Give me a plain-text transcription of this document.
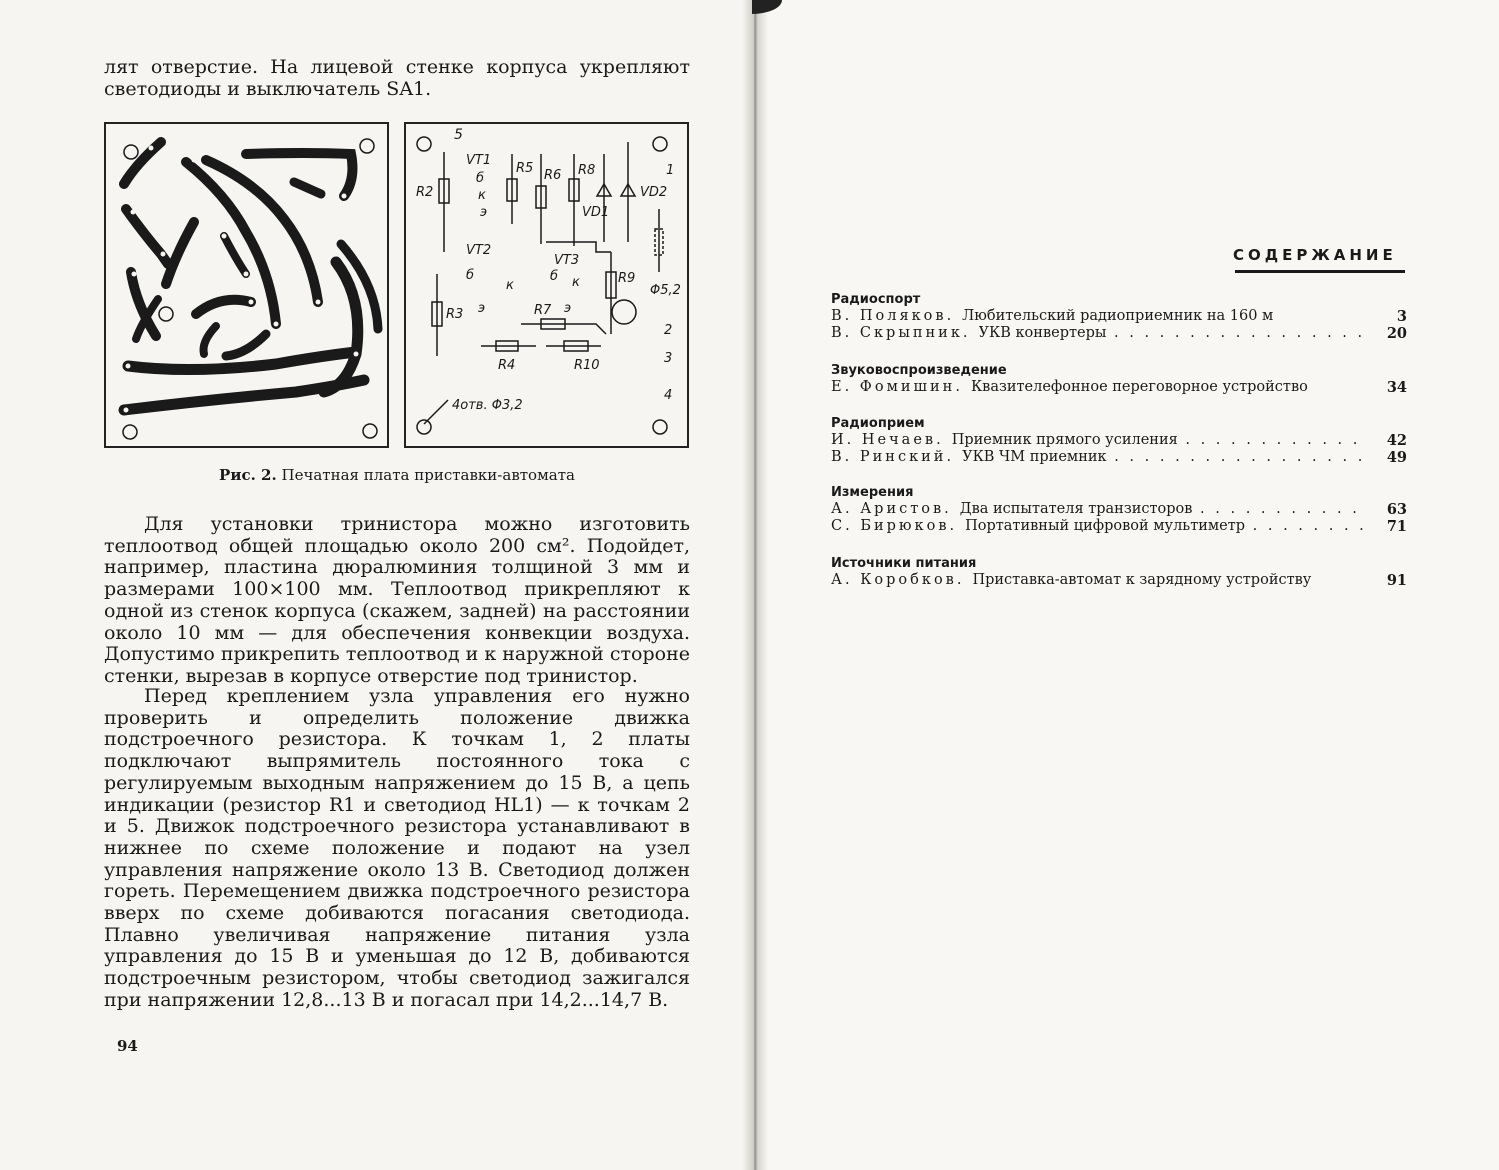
лят отверстие. На лицевой стенке корпуса укрепляют светодиоды и выключатель SA1.

5
VT1
R5 R6 R8	1
R2
б
к
э	VD1
VD2
VT2
VT3
б
к
б к	R9
Φ5,2
R3 э	R7 э
2
R4	R10	3
4
4отв. Φ3,2
Рис. 2. Печатная плата приставки-автомата

Для установки тринистора можно изготовить теплоотвод общей площадью около 200 см². Подойдет, например, пластина дюралюминия толщиной 3 мм и размерами 100×100 мм. Теплоотвод прикрепляют к одной из стенок корпуса (скажем, задней) на расстоянии около 10 мм — для обеспечения конвекции воздуха. Допустимо прикрепить теплоотвод и к наружной стороне стенки, вырезав в корпусе отверстие под тринистор.

Перед креплением узла управления его нужно проверить и определить положение движка подстроечного резистора. К точкам 1, 2 платы подключают выпрямитель постоянного тока с регулируемым выходным напряжением до 15 В, а цепь индикации (резистор R1 и светодиод HL1) — к точкам 2 и 5. Движок подстроечного резистора устанавливают в нижнее по схеме положение и подают на узел управления напряжение около 13 В. Светодиод должен гореть. Перемещением движка подстроечного резистора вверх по схеме добиваются погасания светодиода. Плавно увеличивая напряжение питания узла управления до 15 В и уменьшая до 12 В, добиваются подстроечным резистором, чтобы светодиод зажигался при напряжении 12,8...13 В и погасал при 14,2...14,7 В.

94
СОДЕРЖАНИЕ
Радиоспорт
В. Поляков. Любительский радиоприемник на 160 м	3
В. Скрыпник. УКВ конвертеры . . .	20
Звуковоспроизведение
Е. Фомишин. Квазителефонное переговорное устройство	34
Радиоприем
И. Нечаев. Приемник прямого усиления . . .	42
В. Ринский. УКВ ЧМ приемник . . .	49
Измерения
А. Аристов. Два испытателя транзисторов . . .	63
С. Бирюков. Портативный цифровой мультиметр . . .	71
Источники питания
А. Коробков. Приставка-автомат к зарядному устройству	91
